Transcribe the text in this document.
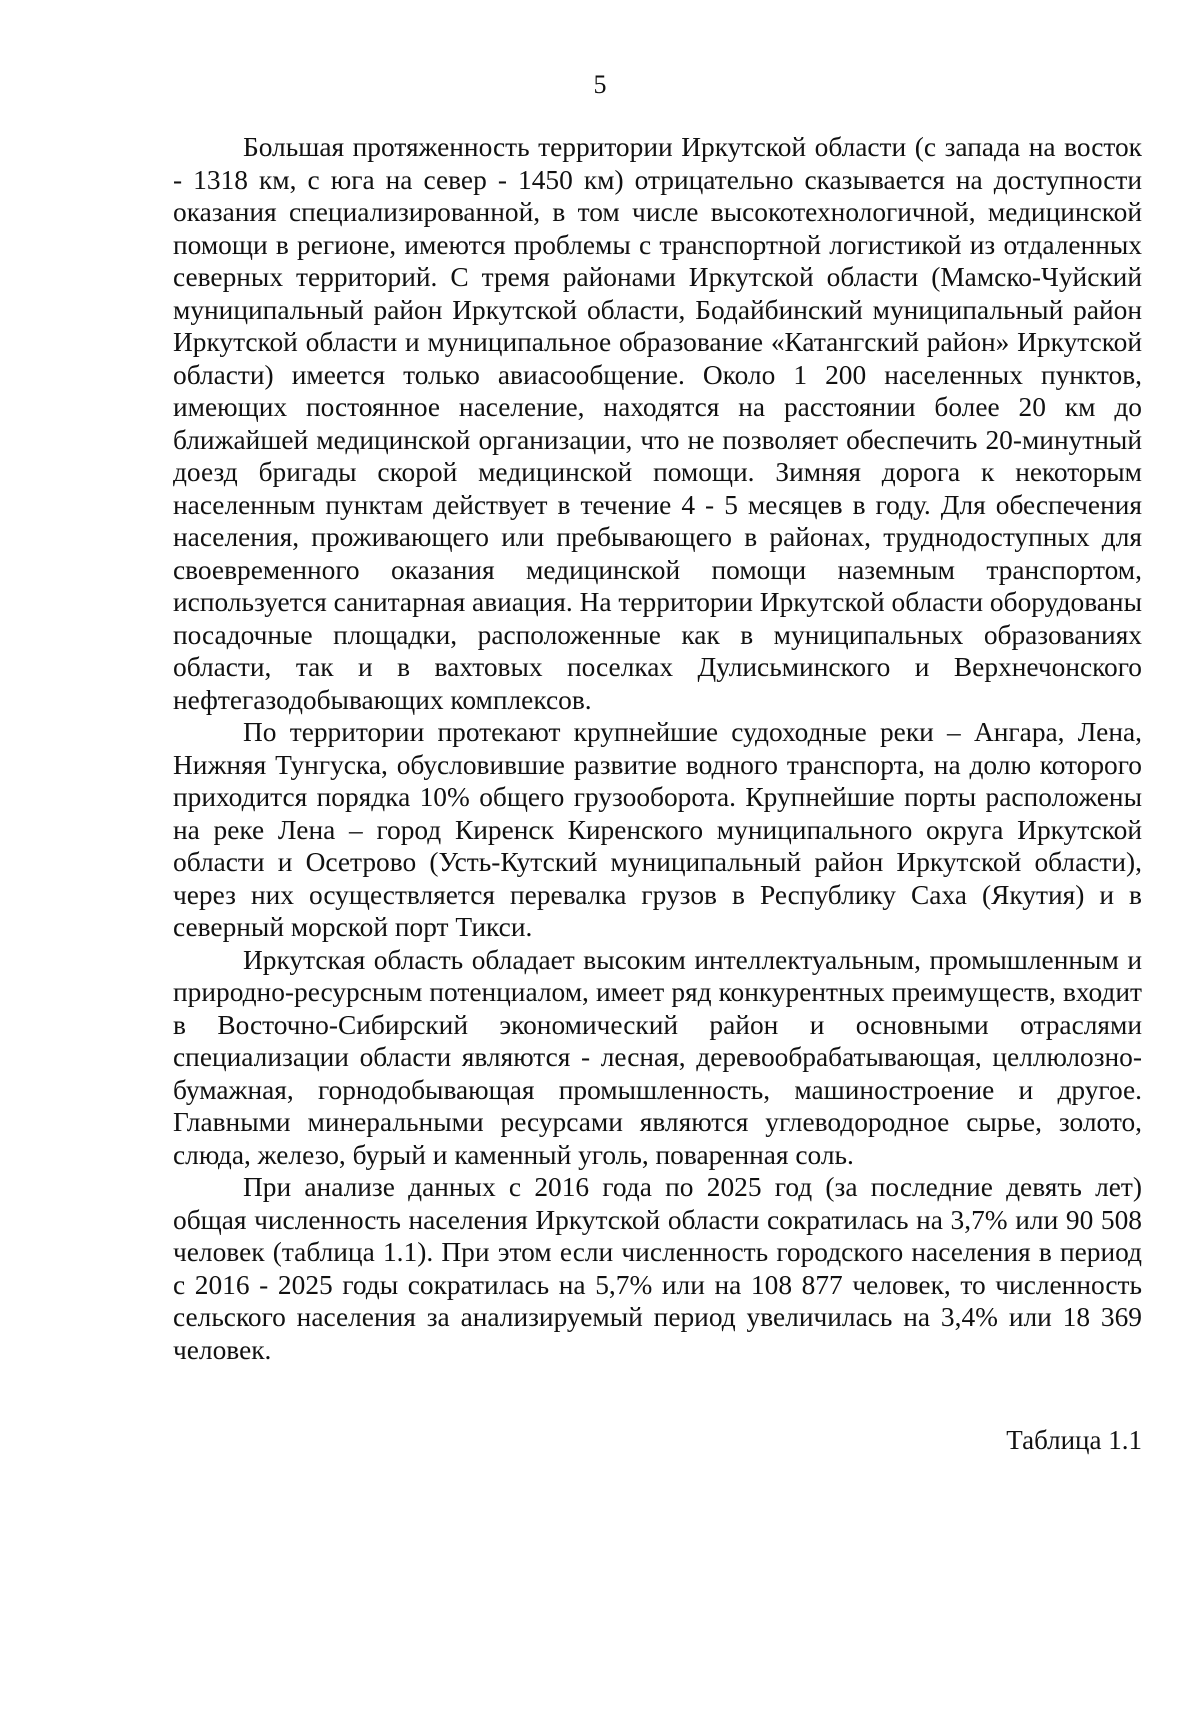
5

Большая протяженность территории Иркутской области (с запада на восток - 1318 км, с юга на север - 1450 км) отрицательно сказывается на доступности оказания специализированной, в том числе высокотехнологичной, медицинской помощи в регионе, имеются проблемы с транспортной логистикой из отдаленных северных территорий. С тремя районами Иркутской области (Мамско-Чуйский муниципальный район Иркутской области, Бодайбинский муниципальный район Иркутской области и муниципальное образование «Катангский район» Иркутской области) имеется только авиасообщение. Около 1 200 населенных пунктов, имеющих постоянное население, находятся на расстоянии более 20 км до ближайшей медицинской организации, что не позволяет обеспечить 20-минутный доезд бригады скорой медицинской помощи. Зимняя дорога к некоторым населенным пунктам действует в течение 4 - 5 месяцев в году. Для обеспечения населения, проживающего или пребывающего в районах, труднодоступных для своевременного оказания медицинской помощи наземным транспортом, используется санитарная авиация. На территории Иркутской области оборудованы посадочные площадки, расположенные как в муниципальных образованиях области, так и в вахтовых поселках Дулисьминского и Верхнечонского нефтегазодобывающих комплексов.

По территории протекают крупнейшие судоходные реки – Ангара, Лена, Нижняя Тунгуска, обусловившие развитие водного транспорта, на долю которого приходится порядка 10% общего грузооборота. Крупнейшие порты расположены на реке Лена – город Киренск Киренского муниципального округа Иркутской области и Осетрово (Усть-Кутский муниципальный район Иркутской области), через них осуществляется перевалка грузов в Республику Саха (Якутия) и в северный морской порт Тикси.

Иркутская область обладает высоким интеллектуальным, промышленным и природно-ресурсным потенциалом, имеет ряд конкурентных преимуществ, входит в Восточно-Сибирский экономический район и основными отраслями специализации области являются - лесная, деревообрабатывающая, целлюлозно-бумажная, горнодобывающая промышленность, машиностроение и другое. Главными минеральными ресурсами являются углеводородное сырье, золото, слюда, железо, бурый и каменный уголь, поваренная соль.

При анализе данных с 2016 года по 2025 год (за последние девять лет) общая численность населения Иркутской области сократилась на 3,7% или 90 508 человек (таблица 1.1). При этом если численность городского населения в период с 2016 - 2025 годы сократилась на 5,7% или на 108 877 человек, то численность сельского населения за анализируемый период увеличилась на 3,4% или 18 369 человек.

Таблица 1.1
